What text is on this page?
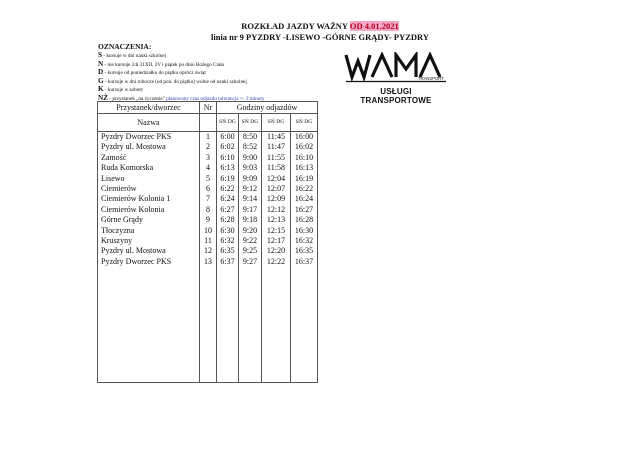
ROZKŁAD JAZDY WAŻNY OD 4.01.2021
linia nr 9 PYZDRY -LISEWO -GÓRNE GRĄDY- PYZDRY
OZNACZENIA:
S - kursuje w dni nauki szkolnej
N - nie kursuje 24i 31XII, 2V i piątek po dniu Bożego Ciała
D - kursuje od poniedziałku do piątku oprócz świąt
G - kursuje w dni robocze (od pon. do piątku) wolne od nauki szkolnej
K - kursuje w soboty
NŻ - przystanek „na życzenie" planowany czas odjazdu tolerancja +- 3 minuty
TRANSPORT
USŁUGI TRANSPORTOWE
Przystanek/dworzec	Nr	Godziny odjazdów			
Nazwa		SŃ DG	SŃ DG	SŃ DG	SŃ DG

Pyzdry Dworzec PKS	1	6:00	8:50	11:45	16:00
Pyzdry ul. Mostowa	2	6:02	8:52	11:47	16:02
Zamość	3	6:10	9:00	11:55	16:10
Ruda Komorska	4	6:13	9:03	11:58	16:13
Lisewo	5	6:19	9:09	12:04	16:19
Ciemierów	6	6:22	9:12	12:07	16:22
Ciemierów Kolonia 1	7	6:24	9:14	12:09	16:24
Ciemierów Kolonia	8	6:27	9:17	12:12	16:27
Górne Grądy	9	6:28	9:18	12:13	16:28
Tłoczyzna	10	6:30	9:20	12:15	16:30
Kruszyny	11	6:32	9:22	12:17	16:32
Pyzdry ul. Mostowa	12	6:35	9:25	12:20	16:35
Pyzdry Dworzec PKS	13	6:37	9:27	12:22	16:37
